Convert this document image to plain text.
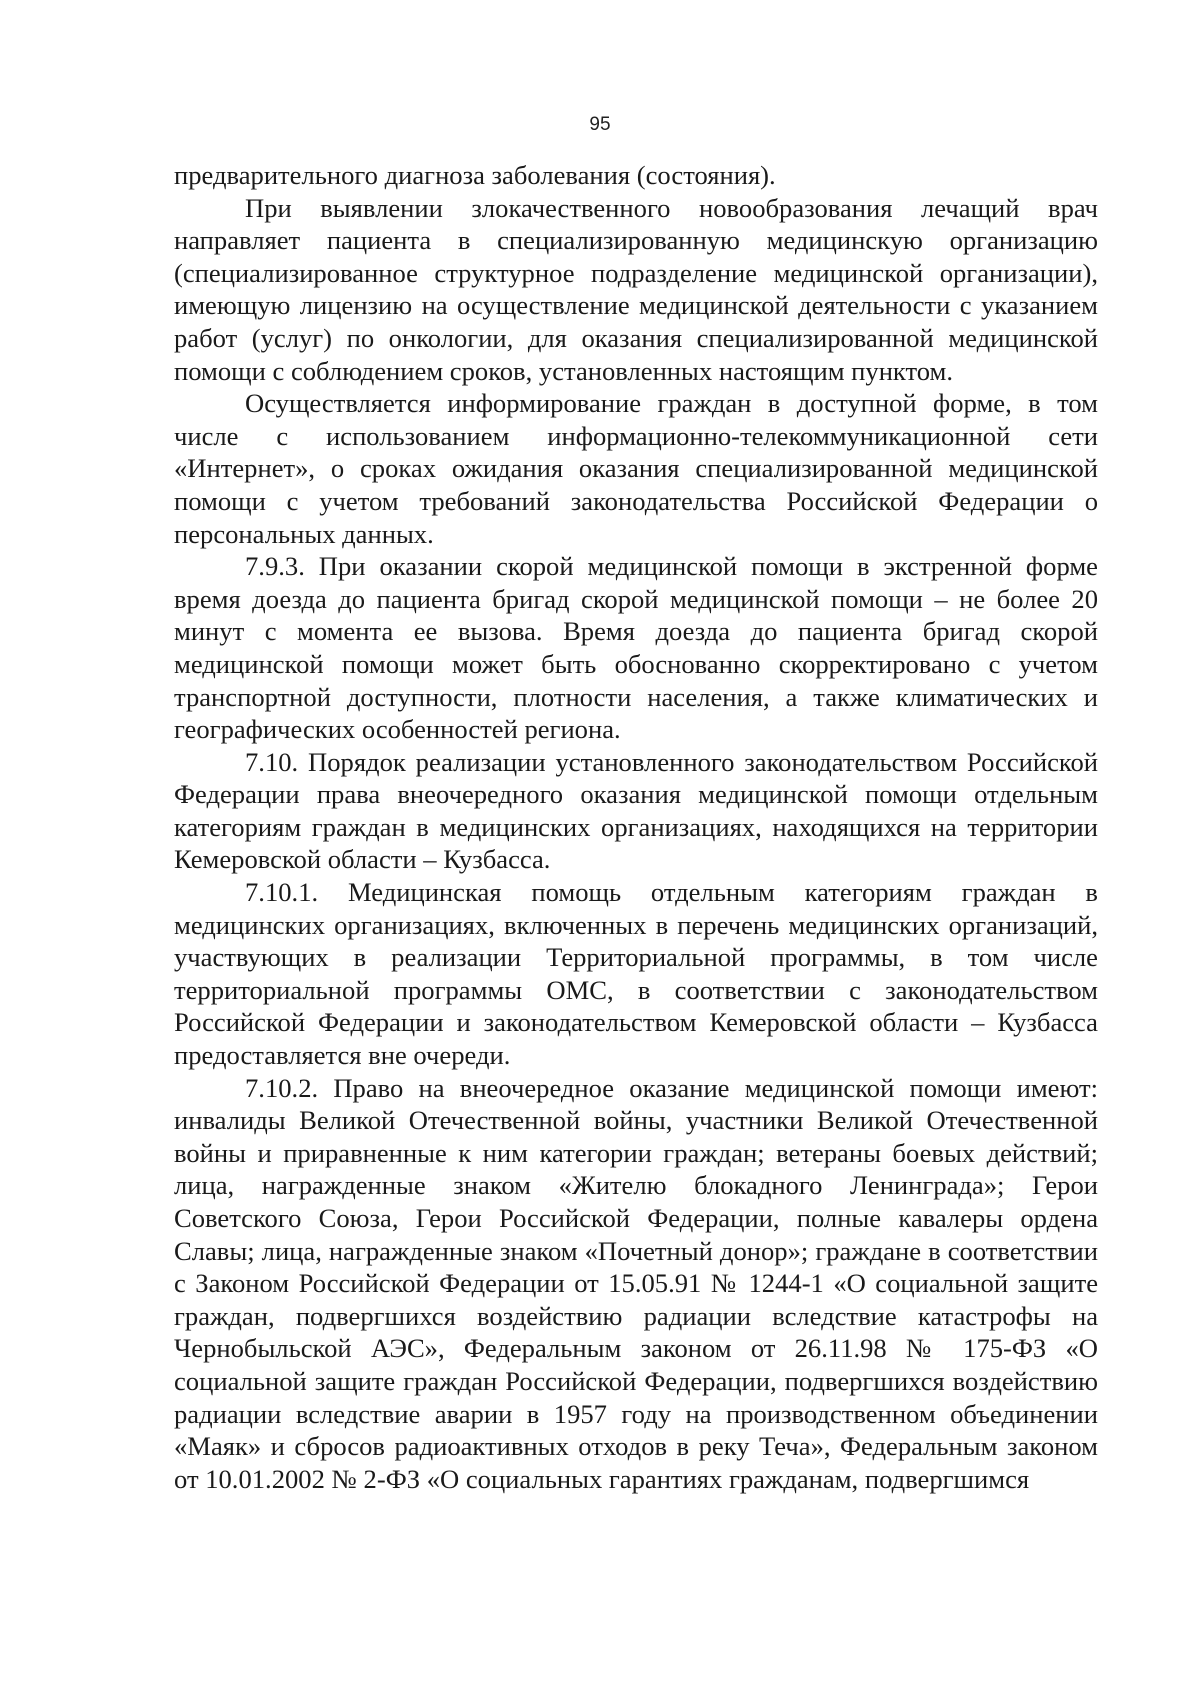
95

предварительного диагноза заболевания (состояния).

При выявлении злокачественного новообразования лечащий врач направляет пациента в специализированную медицинскую организацию (специализированное структурное подразделение медицинской организации), имеющую лицензию на осуществление медицинской деятельности с указанием работ (услуг) по онкологии, для оказания специализированной медицинской помощи с соблюдением сроков, установленных настоящим пунктом.

Осуществляется информирование граждан в доступной форме, в том числе с использованием информационно-телекоммуникационной сети «Интернет», о сроках ожидания оказания специализированной медицинской помощи с учетом требований законодательства Российской Федерации о персональных данных.

7.9.3. При оказании скорой медицинской помощи в экстренной форме время доезда до пациента бригад скорой медицинской помощи – не более 20 минут с момента ее вызова. Время доезда до пациента бригад скорой медицинской помощи может быть обоснованно скорректировано с учетом транспортной доступности, плотности населения, а также климатических и географических особенностей региона.

7.10. Порядок реализации установленного законодательством Российской Федерации права внеочередного оказания медицинской помощи отдельным категориям граждан в медицинских организациях, находящихся на территории Кемеровской области – Кузбасса.

7.10.1. Медицинская помощь отдельным категориям граждан в медицинских организациях, включенных в перечень медицинских организаций, участвующих в реализации Территориальной программы, в том числе территориальной программы ОМС, в соответствии с законодательством Российской Федерации и законодательством Кемеровской области – Кузбасса предоставляется вне очереди.

7.10.2. Право на внеочередное оказание медицинской помощи имеют: инвалиды Великой Отечественной войны, участники Великой Отечественной войны и приравненные к ним категории граждан; ветераны боевых действий; лица, награжденные знаком «Жителю блокадного Ленинграда»; Герои Советского Союза, Герои Российской Федерации, полные кавалеры ордена Славы; лица, награжденные знаком «Почетный донор»; граждане в соответствии с Законом Российской Федерации от 15.05.91 № 1244-1 «О социальной защите граждан, подвергшихся воздействию радиации вследствие катастрофы на Чернобыльской АЭС», Федеральным законом от 26.11.98 № 175-ФЗ «О социальной защите граждан Российской Федерации, подвергшихся воздействию радиации вследствие аварии в 1957 году на производственном объединении «Маяк» и сбросов радиоактивных отходов в реку Теча», Федеральным законом от 10.01.2002 № 2-ФЗ «О социальных гарантиях гражданам, подвергшимся
